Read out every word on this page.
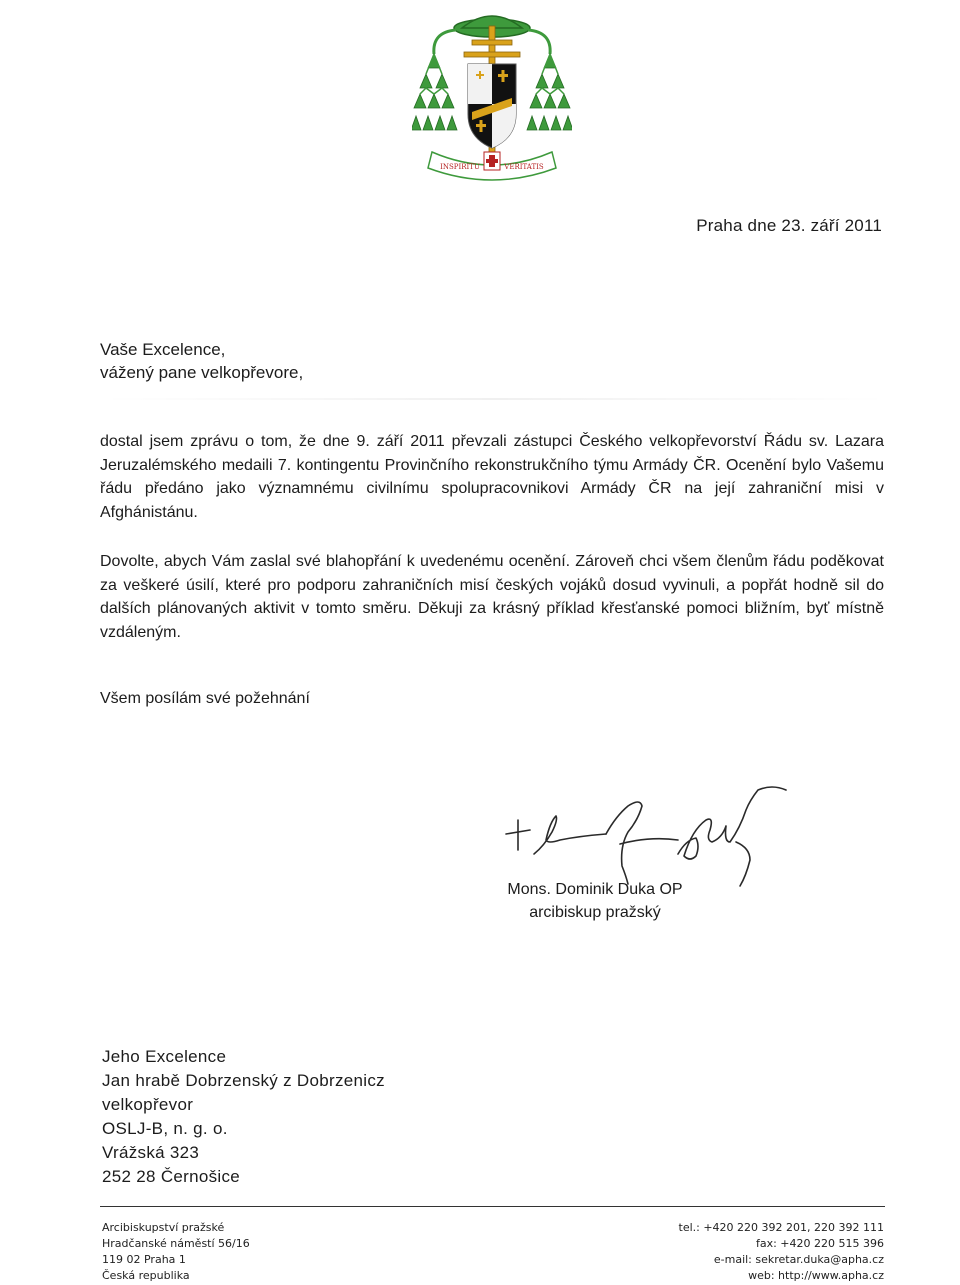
INSPIRITU	VERITATIS
Praha dne 23. září 2011
Vaše Excelence,
vážený pane velkopřevore,
dostal jsem zprávu o tom, že dne 9. září 2011 převzali zástupci Českého velkopřevorství Řádu sv. Lazara Jeruzalémského medaili 7. kontingentu Provinčního rekonstrukčního týmu Armády ČR. Ocenění bylo Vašemu řádu předáno jako významnému civilnímu spolupracovnikovi Armády ČR na její zahraniční misi v Afghánistánu.
Dovolte, abych Vám zaslal své blahopřání k uvedenému ocenění. Zároveň chci všem členům řádu poděkovat za veškeré úsilí, které pro podporu zahraničních misí českých vojáků dosud vyvinuli, a popřát hodně sil do dalších plánovaných aktivit v tomto směru. Děkuji za krásný příklad křesťanské pomoci bližním, byť místně vzdáleným.
Všem posílám své požehnání
Mons. Dominik Duka OP
arcibiskup pražský
Jeho Excelence
Jan hrabě Dobrzenský z Dobrzenicz
velkopřevor
OSLJ-B, n. g. o.
Vrážská 323
252 28 Černošice
Arcibiskupství pražské
Hradčanské náměstí 56/16
119 02 Praha 1
Česká republika
tel.: +420 220 392 201, 220 392 111
fax: +420 220 515 396
e-mail: sekretar.duka@apha.cz
web: http://www.apha.cz
